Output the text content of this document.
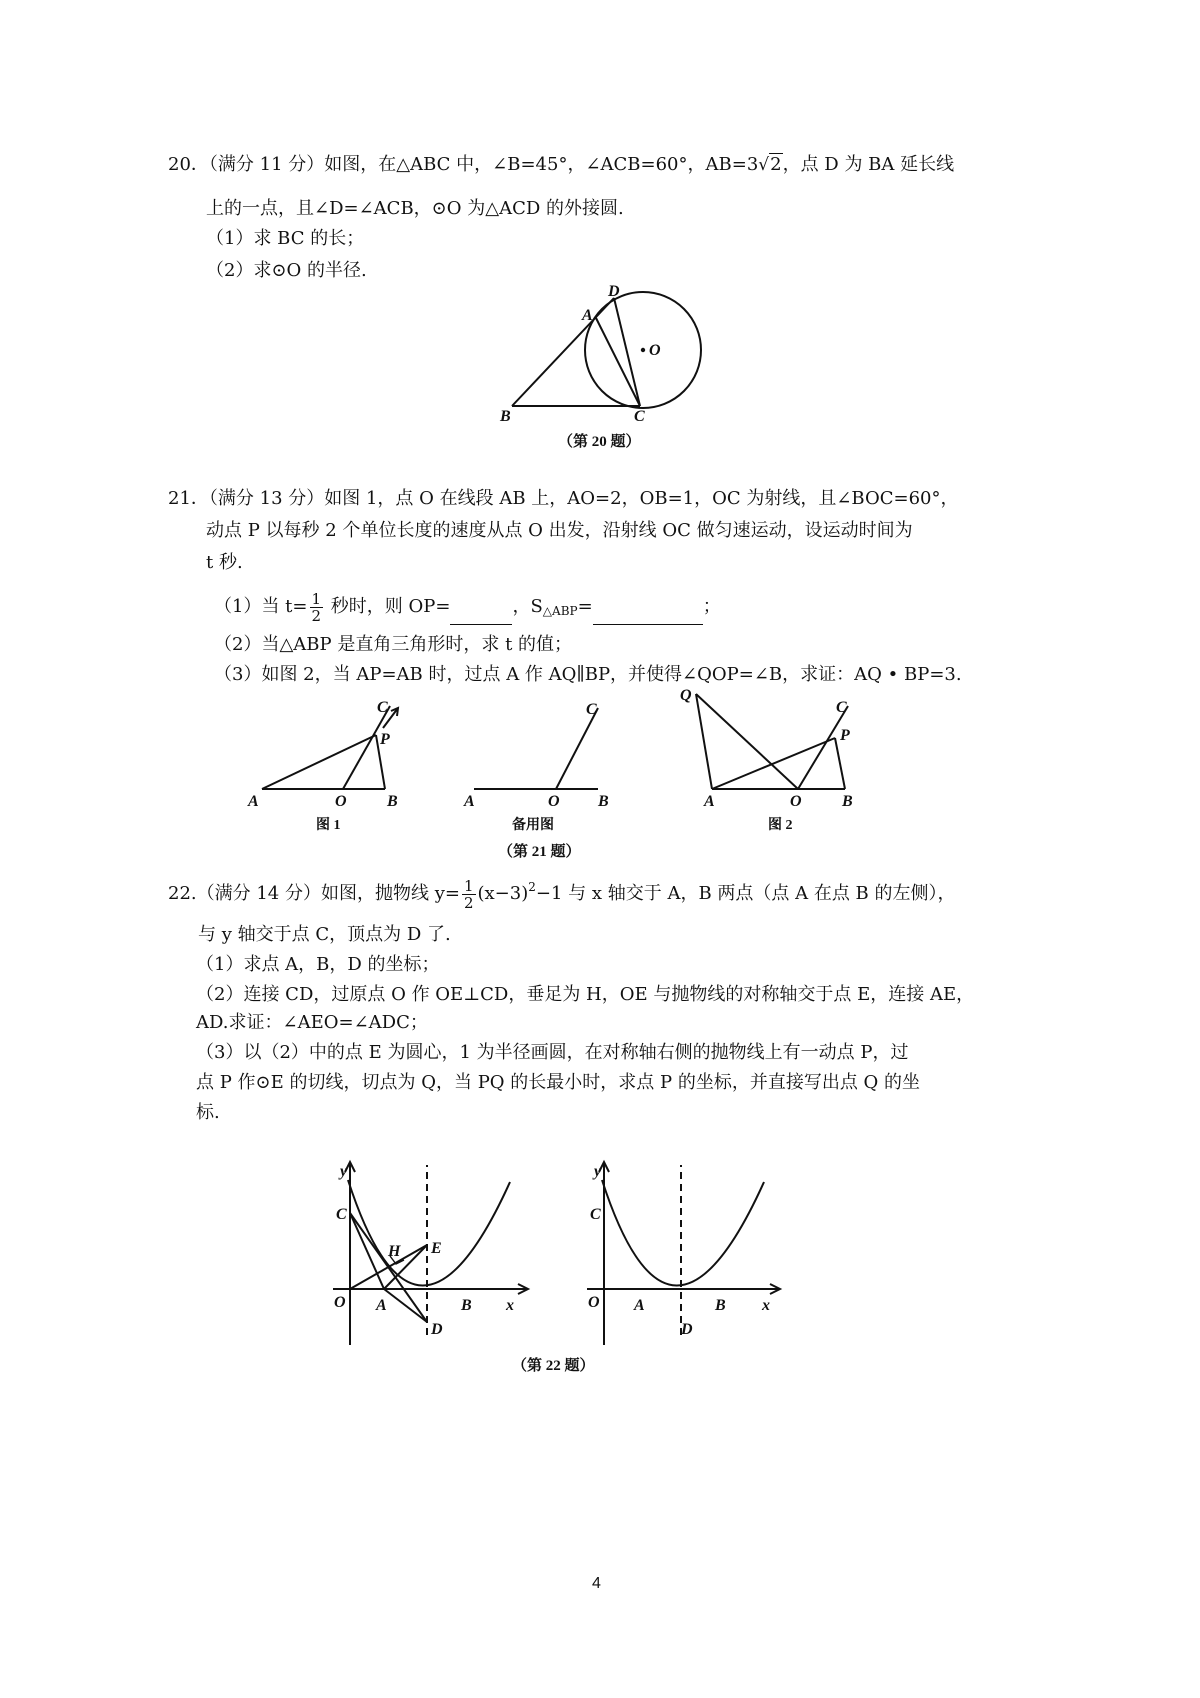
20．（满分 11 分）如图，在△ABC 中，∠B=45°，∠ACB=60°，AB=3√2，点 D 为 BA 延长线
上的一点，且∠D=∠ACB，⊙O 为△ACD 的外接圆.
（1）求 BC 的长；
（2）求⊙O 的半径.
D
A
O
B	C
C
P
A	O	B
C
A	O B
Q
C
P
A	O	B
y
C
H E
O A	B x
D
y
C
O A	B x
D
（第 20 题）
21．（满分 13 分）如图 1，点 O 在线段 AB 上，AO=2，OB=1，OC 为射线，且∠BOC=60°，
动点 P 以每秒 2 个单位长度的速度从点 O 出发，沿射线 OC 做匀速运动，设运动时间为
t 秒.
（1）当 $t= \frac{1}{2}$ 秒时，则 OP=	，$S_{\triangle ABP}=$	；
（2）当△ABP 是直角三角形时，求 t 的值；
（3）如图 2，当 AP=AB 时，过点 A 作 AQ∥BP，并使得∠QOP=∠B，求证：AQ • BP=3.
图 1	备用图	图 2
（第 21 题）
22.（满分 14 分）如图，抛物线 $y= \frac{1}{2} (x-3)^2-1$ 与 x 轴交于 A，B 两点（点 A 在点 B 的左侧），
与 y 轴交于点 C，顶点为 D 了.
（1）求点 A，B，D 的坐标；
（2）连接 CD，过原点 O 作 OE⊥CD，垂足为 H，OE 与抛物线的对称轴交于点 E，连接 AE，
AD.求证：∠AEO=∠ADC；
（3）以（2）中的点 E 为圆心，1 为半径画圆，在对称轴右侧的抛物线上有一动点 P，过
点 P 作⊙E 的切线，切点为 Q，当 PQ 的长最小时，求点 P 的坐标，并直接写出点 Q 的坐
标.
（第 22 题）
4
